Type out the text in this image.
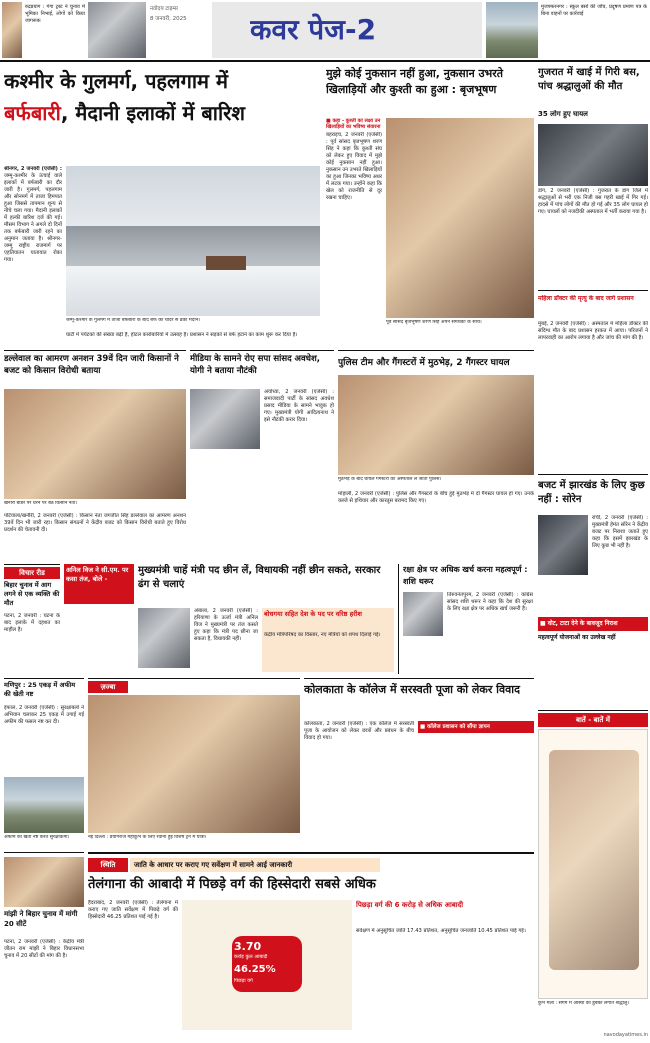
रुद्रप्रयाग : गंगा ट्रस्ट ने चुनाव में भूमिका निभाई, लोगों को किया जागरूक
नवोदय टाइम्स
8 जनवरी, 2025	कवर पेज-2
मुजफ्फरनगर : स्कूल बसों की जाँच, प्रदूषण प्रमाण पत्र के बिना वाहनों पर कार्रवाई
कश्मीर के गुलमर्ग, पहलगाम में
बर्फबारी, मैदानी इलाकों में बारिश
श्रीनगर, 2 जनवरी (एजेंसी) : जम्मू-कश्मीर के ऊंचाई वाले इलाकों में बर्फबारी का दौर जारी है। गुलमर्ग, पहलगाम और सोनमर्ग में ताजा हिमपात हुआ जिससे तापमान शून्य से नीचे चला गया। मैदानी इलाकों में हल्की बारिश दर्ज की गई। मौसम विभाग ने अगले दो दिनों तक बर्फबारी जारी रहने का अनुमान जताया है। श्रीनगर-जम्मू राष्ट्रीय राजमार्ग पर एहतियातन यातायात रोका गया।
जम्मू-कश्मीर के गुलमर्ग में ताजा बर्फबारी के बाद बर्फ की चादर से ढका मैदान।
घाटी में पर्यटकों की संख्या बढ़ी है, होटल कारोबारियों में उत्साह है। प्रशासन ने सड़कों से बर्फ हटाने का काम शुरू कर दिया है।
मुझे कोई नुकसान नहीं हुआ, नुकसान उभरते खिलाड़ियों और कुश्ती का हुआ : बृजभूषण
■ कहा - कुश्ती का लक्ष्य उन खिलाड़ियों का भविष्य संवारना
बहराइच, 2 जनवरी (एजेंसी) : पूर्व सांसद बृजभूषण शरण सिंह ने कहा कि कुश्ती संघ को लेकर हुए विवाद में मुझे कोई नुकसान नहीं हुआ। नुकसान उन उभरते खिलाड़ियों का हुआ जिनका भविष्य अधर में लटक गया। उन्होंने कहा कि खेल को राजनीति से दूर रखना चाहिए।
पूर्व सांसद बृजभूषण शरण सिंह अपने समर्थकों के साथ।
गुजरात में खाई में गिरी बस, पांच श्रद्धालुओं की मौत
35 लोग हुए घायल
डांग, 2 जनवरी (एजेंसी) : गुजरात के डांग जिले में श्रद्धालुओं से भरी एक निजी बस गहरी खाई में गिर गई। हादसे में पांच लोगों की मौत हो गई और 35 लोग घायल हो गए। घायलों को नजदीकी अस्पताल में भर्ती कराया गया है।
महिला डॉक्टर की मृत्यु के बाद जागे प्रशासन
मुंबई, 2 जनवरी (एजेंसी) : अस्पताल में महिला डॉक्टर की संदिग्ध मौत के बाद प्रशासन हरकत में आया। परिजनों ने लापरवाही का आरोप लगाया है और जांच की मांग की है।
डल्लेवाल का आमरण अनशन 39वें दिन जारी किसानों ने बजट को किसान विरोधी बताया
खनौरी बॉर्डर पर धरने पर बैठे किसान नेता।
पटियाला/खनौरी, 2 जनवरी (एजेंसी) : किसान नेता जगजीत सिंह डल्लेवाल का आमरण अनशन 39वें दिन भी जारी रहा। किसान संगठनों ने केंद्रीय बजट को किसान विरोधी बताते हुए विरोध प्रदर्शन की चेतावनी दी।
मीडिया के सामने रोए सपा सांसद अवधेश, योगी ने बताया नौटंकी
अयोध्या, 2 जनवरी (एजेंसी) : समाजवादी पार्टी के सांसद अवधेश प्रसाद मीडिया के सामने भावुक हो गए। मुख्यमंत्री योगी आदित्यनाथ ने इसे नौटंकी करार दिया।
पुलिस टीम और गैंगस्टरों में मुठभेड़, 2 गैंगस्टर घायल
मुठभेड़ के बाद घायल गैंगस्टरों को अस्पताल ले जाती पुलिस।
मोहाली, 2 जनवरी (एजेंसी) : पुलिस और गैंगस्टरों के बीच हुई मुठभेड़ में दो गैंगस्टर घायल हो गए। उनके कब्जे से हथियार और कारतूस बरामद किए गए।
बजट में झारखंड के लिए कुछ नहीं : सोरेन
रांची, 2 जनवरी (एजेंसी) : मुख्यमंत्री हेमंत सोरेन ने केंद्रीय बजट पर निराशा जताते हुए कहा कि इसमें झारखंड के लिए कुछ भी नहीं है।
■ वोट, टाटा देने के बावजूद निराश
महत्वपूर्ण योजनाओं का उल्लेख नहीं
विचार रीड
बिहार चुनाव में आग लगने से एक व्यक्ति की मौत
पटना, 2 जनवरी : घटना के बाद इलाके में दहशत का माहौल है।
अनिल विज ने सी.एम. पर कसा तंज, बोले -
मुख्यमंत्री चाहें मंत्री पद छीन लें, विधायकी नहीं छीन सकते, सरकार ढंग से चलाएं
अंबाला, 2 जनवरी (एजेंसी) : हरियाणा के ऊर्जा मंत्री अनिल विज ने मुख्यमंत्री पर तंज कसते हुए कहा कि मंत्री पद छीना जा सकता है, विधायकी नहीं।
बोधगया सहित देश के पद पर वरिष्ठ हरीश
केंद्रीय मंत्रिपरिषद का विस्तार, नए मंत्रियों को शपथ दिलाई गई।
रक्षा क्षेत्र पर अधिक खर्च करना महत्वपूर्ण : शशि थरूर
तिरुवनंतपुरम, 2 जनवरी (एजेंसी) : कांग्रेस सांसद शशि थरूर ने कहा कि देश की सुरक्षा के लिए रक्षा क्षेत्र पर अधिक खर्च जरूरी है।
मणिपुर : 25 एकड़ में अफीम की खेती नष्ट
इंफाल, 2 जनवरी (एजेंसी) : सुरक्षाबलों ने अभियान चलाकर 25 एकड़ में उगाई गई अफीम की फसल नष्ट कर दी।
अफीम की खेती नष्ट करते सुरक्षाकर्मी।
ज़ज्बा
नई दिल्ली : प्रयागराज महाकुंभ के लिए रवाना हुई विशेष ट्रेन में यात्री।
कोलकाता के कॉलेज में सरस्वती पूजा को लेकर विवाद
कोलकाता, 2 जनवरी (एजेंसी) : एक कॉलेज में सरस्वती पूजा के आयोजन को लेकर छात्रों और प्रबंधन के बीच विवाद हो गया।
■ कॉलेज प्रशासन को सौंपा ज्ञापन
बातें - बातें में
कुंभ मेला : संगम में आस्था की डुबकी लगाते श्रद्धालु।
स्थिति	जाति के आधार पर कराए गए सर्वेक्षण में सामने आई जानकारी
तेलंगाना की आबादी में पिछड़े वर्ग की हिस्सेदारी सबसे अधिक
हैदराबाद, 2 जनवरी (एजेंसी) : तेलंगाना में कराए गए जाति सर्वेक्षण में पिछड़े वर्ग की हिस्सेदारी 46.25 प्रतिशत पाई गई है।
3.70
करोड़ कुल आबादी
46.25%
पिछड़ा वर्ग
पिछड़ा वर्ग की 6 करोड़ से अधिक आबादी
सर्वेक्षण में अनुसूचित जाति 17.43 प्रतिशत, अनुसूचित जनजाति 10.45 प्रतिशत पाई गई।
मांझी ने बिहार चुनाव में मांगी 20 सीटें
पटना, 2 जनवरी (एजेंसी) : केंद्रीय मंत्री जीतन राम मांझी ने बिहार विधानसभा चुनाव में 20 सीटों की मांग की है।
navodayatimes.in
